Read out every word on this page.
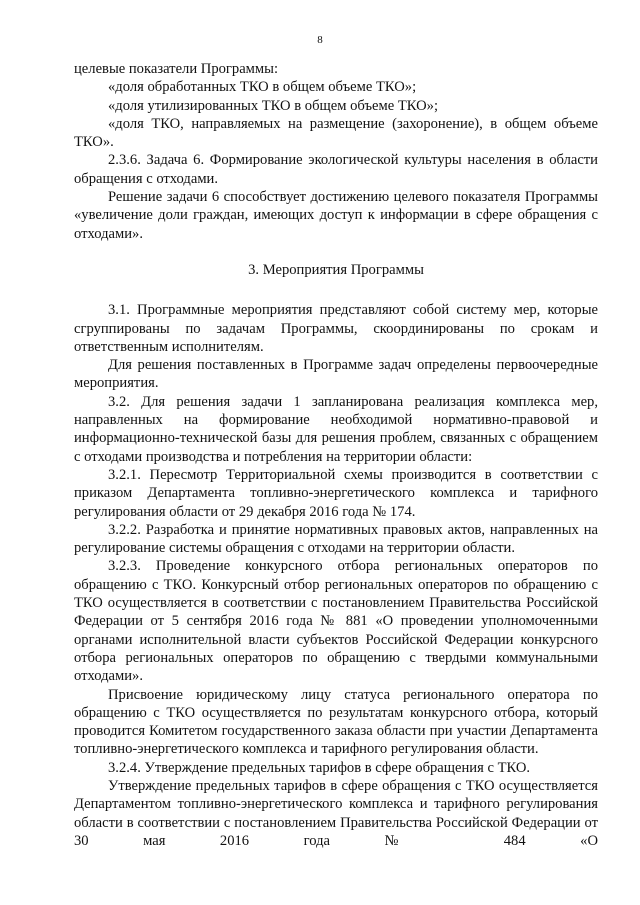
8

целевые показатели Программы:

«доля обработанных ТКО в общем объеме ТКО»;

«доля утилизированных ТКО в общем объеме ТКО»;

«доля ТКО, направляемых на размещение (захоронение), в общем объеме ТКО».

2.3.6. Задача 6. Формирование экологической культуры населения в области обращения с отходами.

Решение задачи 6 способствует достижению целевого показателя Программы «увеличение доли граждан, имеющих доступ к информации в сфере обращения с отходами».

3. Мероприятия Программы

3.1. Программные мероприятия представляют собой систему мер, которые сгруппированы по задачам Программы, скоординированы по срокам и ответственным исполнителям.

Для решения поставленных в Программе задач определены первоочередные мероприятия.

3.2. Для решения задачи 1 запланирована реализация комплекса мер, направленных на формирование необходимой нормативно-правовой и информационно-технической базы для решения проблем, связанных с обращением с отходами производства и потребления на территории области:

3.2.1. Пересмотр Территориальной схемы производится в соответствии с приказом Департамента топливно-энергетического комплекса и тарифного регулирования области от 29 декабря 2016 года № 174.

3.2.2. Разработка и принятие нормативных правовых актов, направленных на регулирование системы обращения с отходами на территории области.

3.2.3. Проведение конкурсного отбора региональных операторов по обращению с ТКО. Конкурсный отбор региональных операторов по обращению с ТКО осуществляется в соответствии с постановлением Правительства Российской Федерации от 5 сентября 2016 года № 881 «О проведении уполномоченными органами исполнительной власти субъектов Российской Федерации конкурсного отбора региональных операторов по обращению с твердыми коммунальными отходами».

Присвоение юридическому лицу статуса регионального оператора по обращению с ТКО осуществляется по результатам конкурсного отбора, который проводится Комитетом государственного заказа области при участии Департамента топливно-энергетического комплекса и тарифного регулирования области.

3.2.4. Утверждение предельных тарифов в сфере обращения с ТКО.

Утверждение предельных тарифов в сфере обращения с ТКО осуществляется Департаментом топливно-энергетического комплекса и тарифного регулирования области в соответствии с постановлением Правительства Российской Федерации от 30 мая 2016 года № 484 «О
